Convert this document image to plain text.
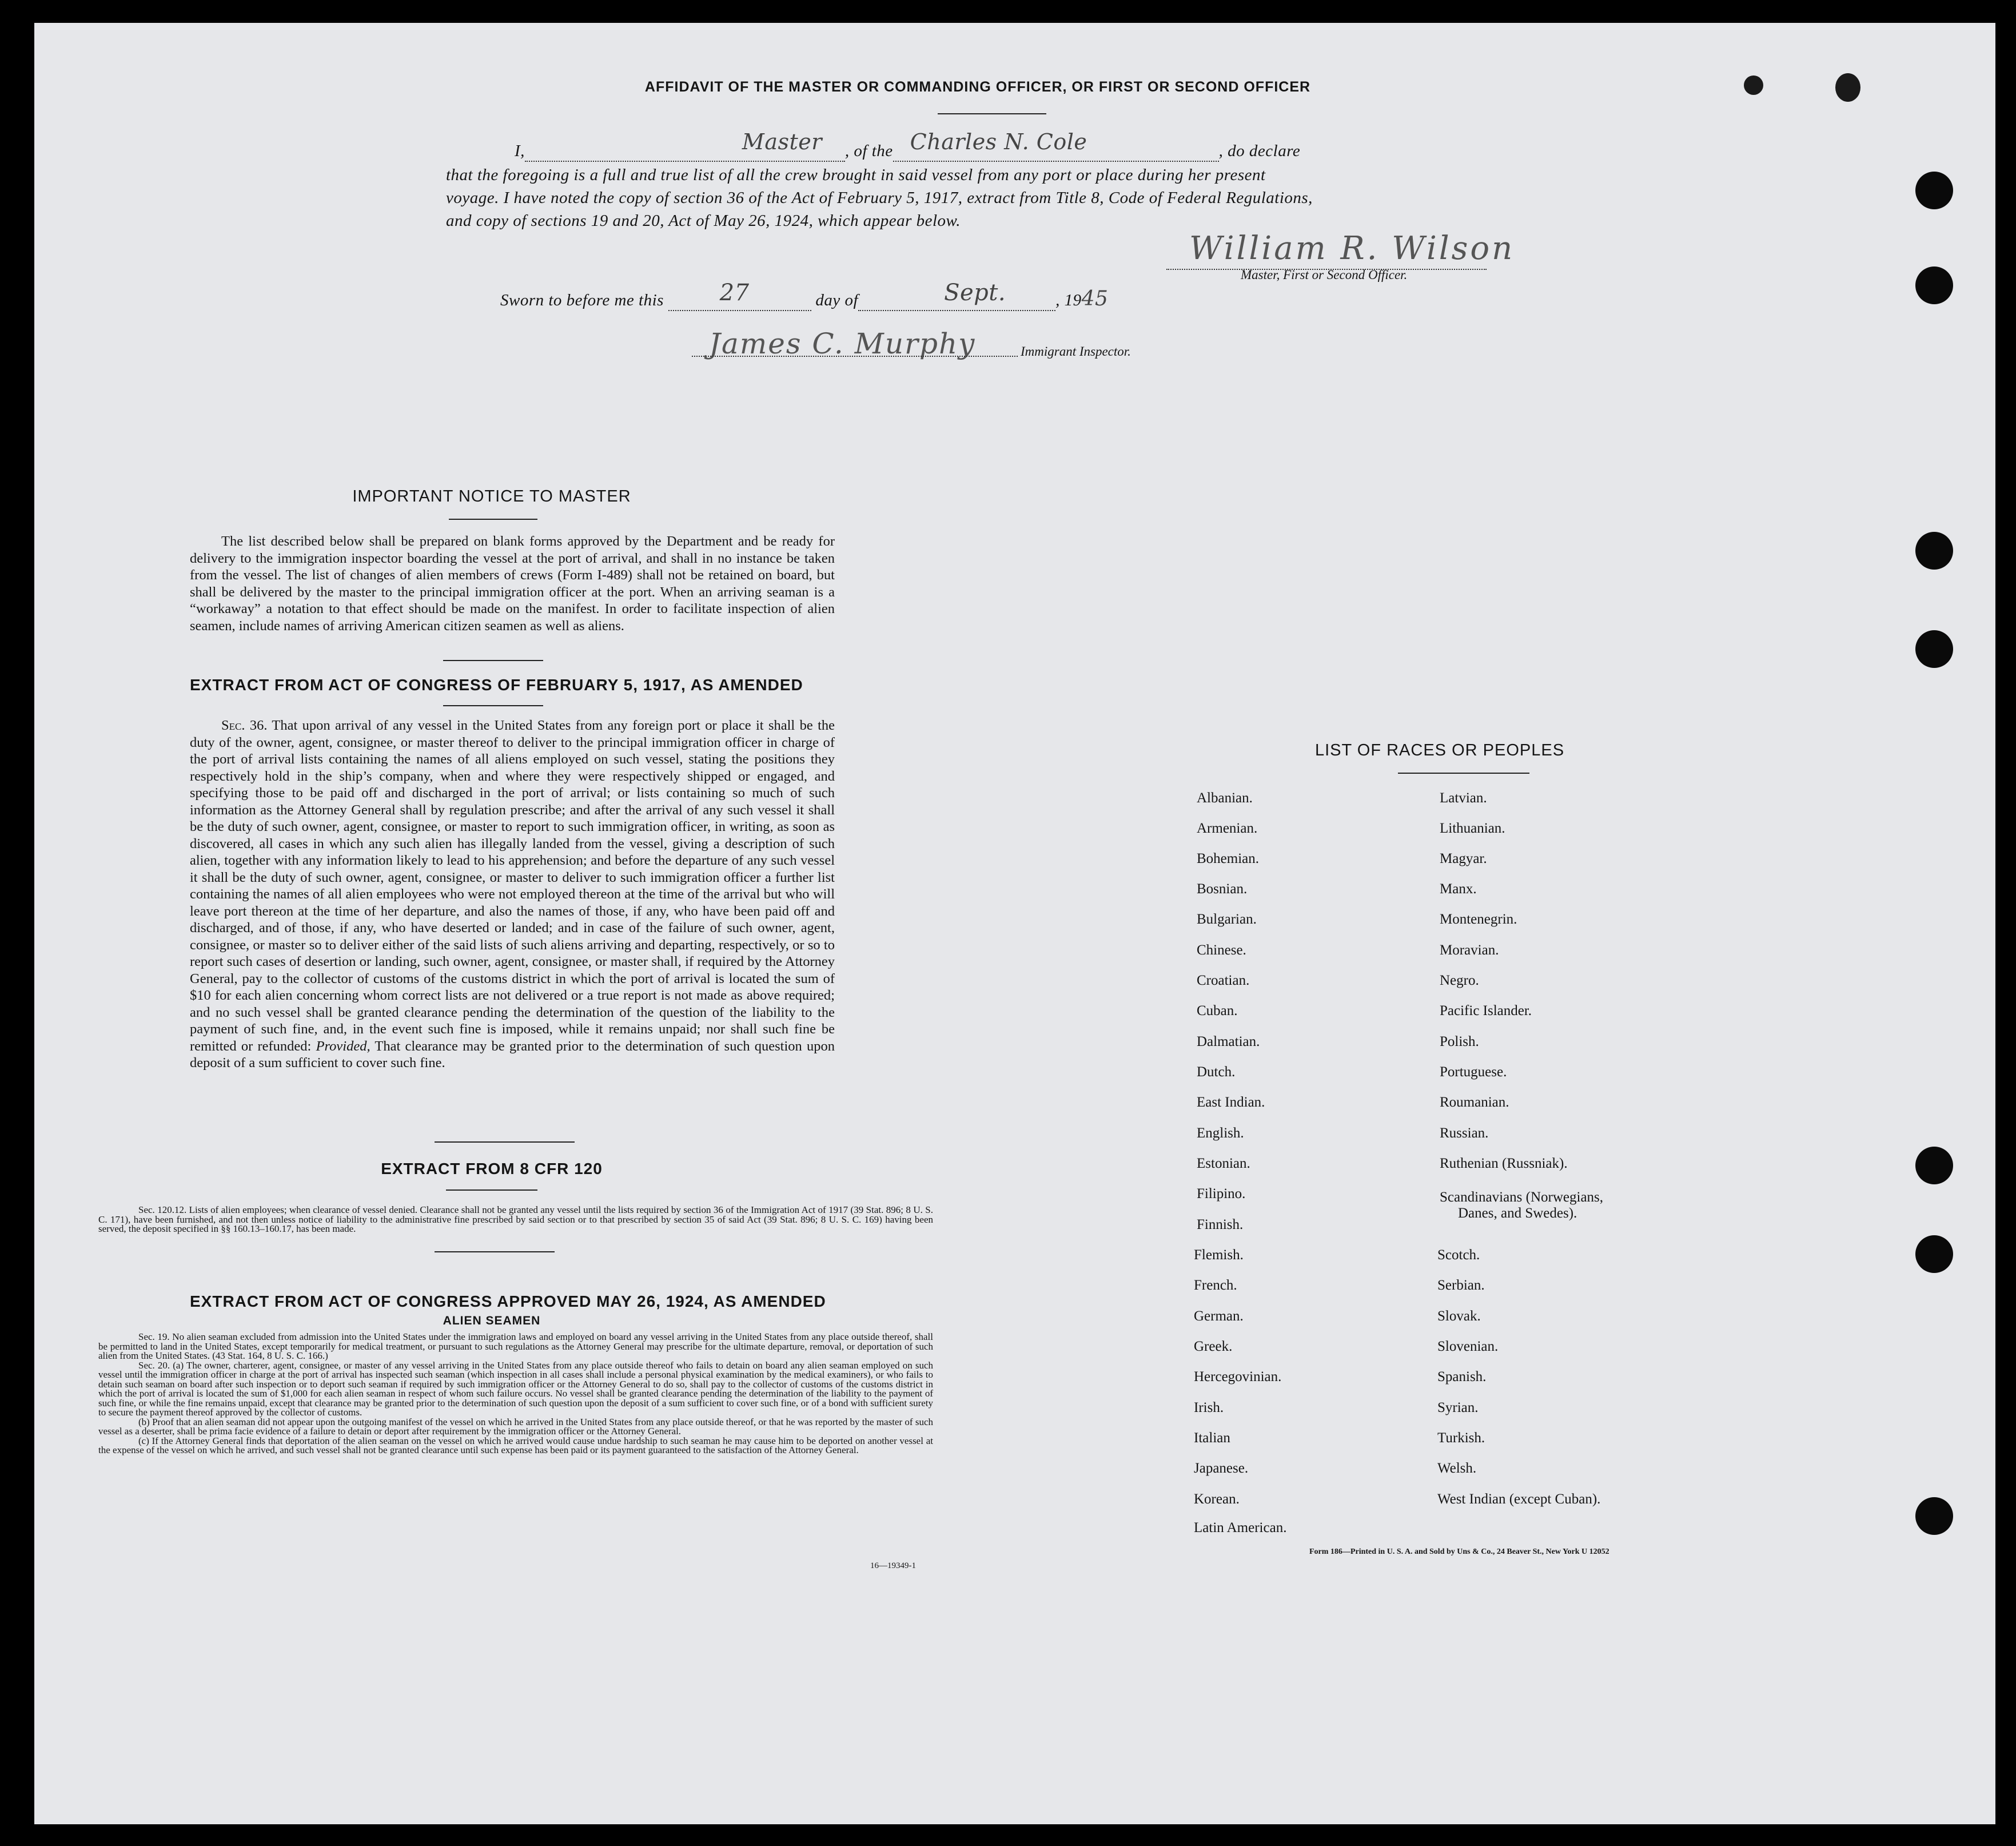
AFFIDAVIT OF THE MASTER OR COMMANDING OFFICER, OR FIRST OR SECOND OFFICER
I,	Master , of the Charles N. Cole	, do declare
that the foregoing is a full and true list of all the crew brought in said vessel from any port or place during her present
voyage. I have noted the copy of section 36 of the Act of February 5, 1917, extract from Title 8, Code of Federal Regulations,
and copy of sections 19 and 20, Act of May 26, 1924, which appear below.
William R. Wilson
Master, First or Second Officer.
Sworn to before me this 27	day of	Sept.	, 1945
James C. Murphy	Immigrant Inspector.
IMPORTANT NOTICE TO MASTER

The list described below shall be prepared on blank forms approved by the Department and be ready for delivery to the immigration inspector boarding the vessel at the port of arrival, and shall in no instance be taken from the vessel. The list of changes of alien members of crews (Form I-489) shall not be retained on board, but shall be delivered by the master to the principal immigration officer at the port. When an arriving seaman is a “workaway” a notation to that effect should be made on the manifest. In order to facilitate inspection of alien seamen, include names of arriving American citizen seamen as well as aliens.

EXTRACT FROM ACT OF CONGRESS OF FEBRUARY 5, 1917, AS AMENDED

Sec. 36. That upon arrival of any vessel in the United States from any foreign port or place it shall be the duty of the owner, agent, consignee, or master thereof to deliver to the principal immigration officer in charge of the port of arrival lists containing the names of all aliens employed on such vessel, stating the positions they respectively hold in the ship’s company, when and where they were respectively shipped or engaged, and specifying those to be paid off and discharged in the port of arrival; or lists containing so much of such information as the Attorney General shall by regulation prescribe; and after the arrival of any such vessel it shall be the duty of such owner, agent, consignee, or master to report to such immigration officer, in writing, as soon as discovered, all cases in which any such alien has illegally landed from the vessel, giving a description of such alien, together with any information likely to lead to his apprehension; and before the departure of any such vessel it shall be the duty of such owner, agent, consignee, or master to deliver to such immigration officer a further list containing the names of all alien employees who were not employed thereon at the time of the arrival but who will leave port thereon at the time of her departure, and also the names of those, if any, who have been paid off and discharged, and of those, if any, who have deserted or landed; and in case of the failure of such owner, agent, consignee, or master so to deliver either of the said lists of such aliens arriving and departing, respectively, or so to report such cases of desertion or landing, such owner, agent, consignee, or master shall, if required by the Attorney General, pay to the collector of customs of the customs district in which the port of arrival is located the sum of $10 for each alien concerning whom correct lists are not delivered or a true report is not made as above required; and no such vessel shall be granted clearance pending the determination of the question of the liability to the payment of such fine, and, in the event such fine is imposed, while it remains unpaid; nor shall such fine be remitted or refunded: Provided, That clearance may be granted prior to the determination of such question upon deposit of a sum sufficient to cover such fine.

EXTRACT FROM 8 CFR 120

Sec. 120.12. Lists of alien employees; when clearance of vessel denied. Clearance shall not be granted any vessel until the lists required by section 36 of the Immigration Act of 1917 (39 Stat. 896; 8 U. S. C. 171), have been furnished, and not then unless notice of liability to the administrative fine prescribed by said section or to that prescribed by section 35 of said Act (39 Stat. 896; 8 U. S. C. 169) having been served, the deposit specified in §§ 160.13–160.17, has been made.

EXTRACT FROM ACT OF CONGRESS APPROVED MAY 26, 1924, AS AMENDED
ALIEN SEAMEN

Sec. 19. No alien seaman excluded from admission into the United States under the immigration laws and employed on board any vessel arriving in the United States from any place outside thereof, shall be permitted to land in the United States, except temporarily for medical treatment, or pursuant to such regulations as the Attorney General may prescribe for the ultimate departure, removal, or deportation of such alien from the United States. (43 Stat. 164, 8 U. S. C. 166.)

Sec. 20. (a) The owner, charterer, agent, consignee, or master of any vessel arriving in the United States from any place outside thereof who fails to detain on board any alien seaman employed on such vessel until the immigration officer in charge at the port of arrival has inspected such seaman (which inspection in all cases shall include a personal physical examination by the medical examiners), or who fails to detain such seaman on board after such inspection or to deport such seaman if required by such immigration officer or the Attorney General to do so, shall pay to the collector of customs of the customs district in which the port of arrival is located the sum of $1,000 for each alien seaman in respect of whom such failure occurs. No vessel shall be granted clearance pending the determination of the liability to the payment of such fine, or while the fine remains unpaid, except that clearance may be granted prior to the determination of such question upon the deposit of a sum sufficient to cover such fine, or of a bond with sufficient surety to secure the payment thereof approved by the collector of customs.

(b) Proof that an alien seaman did not appear upon the outgoing manifest of the vessel on which he arrived in the United States from any place outside thereof, or that he was reported by the master of such vessel as a deserter, shall be prima facie evidence of a failure to detain or deport after requirement by the immigration officer or the Attorney General.

(c) If the Attorney General finds that deportation of the alien seaman on the vessel on which he arrived would cause undue hardship to such seaman he may cause him to be deported on another vessel at the expense of the vessel on which he arrived, and such vessel shall not be granted clearance until such expense has been paid or its payment guaranteed to the satisfaction of the Attorney General.

16—19349-1
LIST OF RACES OR PEOPLES
Albanian.
Armenian.
Bohemian.
Bosnian.
Bulgarian.
Chinese.
Croatian.
Cuban.
Dalmatian.
Dutch.
East Indian.
English.
Estonian.
Filipino.
Finnish.
Flemish.
French.
German.
Greek.
Hercegovinian.
Irish.
Italian
Japanese.
Korean.
Latin American.
Latvian.
Lithuanian.
Magyar.
Manx.
Montenegrin.
Moravian.
Negro.
Pacific Islander.
Polish.
Portuguese.
Roumanian.
Russian.
Ruthenian (Russniak).
Scandinavians (Norwegians,
Danes, and Swedes).
Scotch.
Serbian.
Slovak.
Slovenian.
Spanish.
Syrian.
Turkish.
Welsh.
West Indian (except Cuban).
Form 186—Printed in U. S. A. and Sold by Uns & Co., 24 Beaver St., New York U 12052
